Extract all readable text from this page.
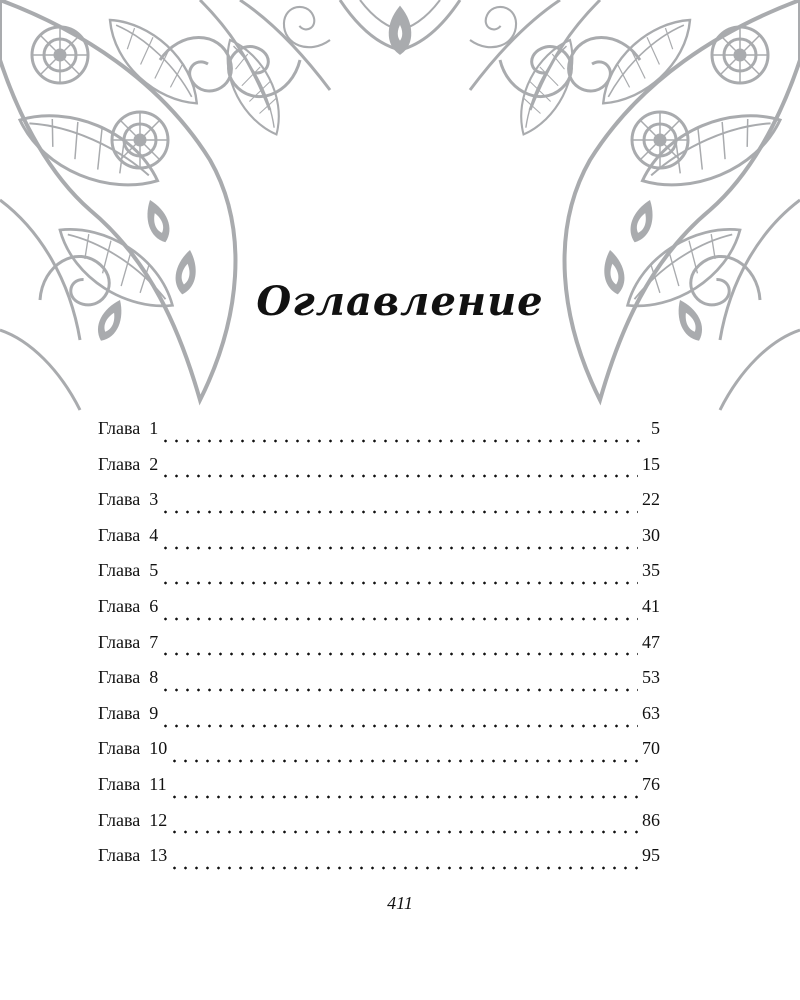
Оглавление
Глава 1	5
Глава 2	15
Глава 3	22
Глава 4	30
Глава 5	35
Глава 6	41
Глава 7	47
Глава 8	53
Глава 9	63
Глава 10	70
Глава 11	76
Глава 12	86
Глава 13	95
411
